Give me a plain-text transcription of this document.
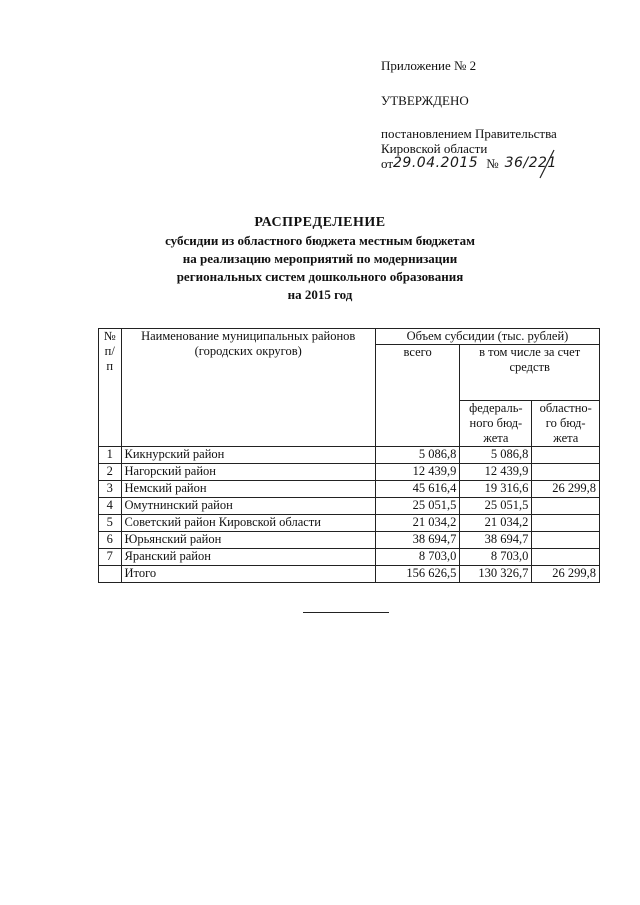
Приложение № 2
УТВЕРЖДЕНО
постановлением Правительства
Кировской области
от 29.04.2015 № 36/221
РАСПРЕДЕЛЕНИЕ
субсидии из областного бюджета местным бюджетам
на реализацию мероприятий по модернизации
региональных систем дошкольного образования
на 2015 год
№ п/п	Наименование муниципальных районов (городских округов)	Объем субсидии (тыс. рублей)		
		всего	в том числе за счет средств	
			федераль-ного бюд-жета	областно-го бюд-жета

1	Кикнурский район	5 086,8	5 086,8	
2	Нагорский район	12 439,9	12 439,9	
3	Немский район	45 616,4	19 316,6	26 299,8
4	Омутнинский район	25 051,5	25 051,5	
5	Советский район Кировской области	21 034,2	21 034,2	
6	Юрьянский район	38 694,7	38 694,7	
7	Яранский район	8 703,0	8 703,0	
	Итого	156 626,5	130 326,7	26 299,8
